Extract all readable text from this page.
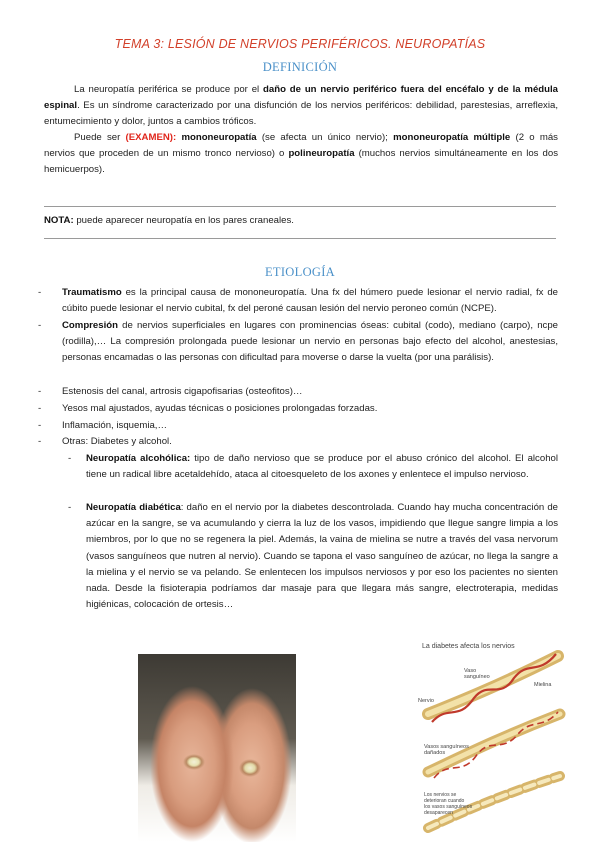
TEMA 3: LESIÓN DE NERVIOS PERIFÉRICOS. NEUROPATÍAS
DEFINICIÓN

La neuropatía periférica se produce por el daño de un nervio periférico fuera del encéfalo y de la médula espinal. Es un síndrome caracterizado por una disfunción de los nervios periféricos: debilidad, parestesias, arreflexia, entumecimiento y dolor, juntos a cambios tróficos.

Puede ser (EXAMEN): mononeuropatía (se afecta un único nervio); mononeuropatía múltiple (2 o más nervios que proceden de un mismo tronco nervioso) o polineuropatía (muchos nervios simultáneamente en los dos hemicuerpos).

NOTA: puede aparecer neuropatía en los pares craneales.

ETIOLOGÍA

- Traumatismo es la principal causa de mononeuropatía. Una fx del húmero puede lesionar el nervio radial, fx de cúbito puede lesionar el nervio cubital, fx del peroné causan lesión del nervio peroneo común (NCPE).

- Compresión de nervios superficiales en lugares con prominencias óseas: cubital (codo), mediano (carpo), ncpe (rodilla),… La compresión prolongada puede lesionar un nervio en personas bajo efecto del alcohol, anestesias, personas encamadas o las personas con dificultad para moverse o darse la vuelta (por una parálisis).

- Estenosis del canal, artrosis cigapofisarias (osteofitos)…

- Yesos mal ajustados, ayudas técnicas o posiciones prolongadas forzadas.

- Inflamación, isquemia,…

- Otras: Diabetes y alcohol.

- Neuropatía alcohólica: tipo de daño nervioso que se produce por el abuso crónico del alcohol. El alcohol tiene un radical libre acetaldehído, ataca al citoesqueleto de los axones y enlentece el impulso nervioso.

- Neuropatía diabética: daño en el nervio por la diabetes descontrolada. Cuando hay mucha concentración de azúcar en la sangre, se va acumulando y cierra la luz de los vasos, impidiendo que llegue sangre limpia a los miembros, por lo que no se regenera la piel. Además, la vaina de mielina se nutre a través del vasa nervorum (vasos sanguíneos que nutren al nervio). Cuando se tapona el vaso sanguíneo de azúcar, no llega la sangre a la mielina y el nervio se va pelando. Se enlentecen los impulsos nerviosos y por eso los pacientes no sienten nada. Desde la fisioterapia podríamos dar masaje para que llegara más sangre, electroterapia, medidas higiénicas, colocación de ortesis…

La diabetes afecta los nervios
Vaso
sanguíneo
Nervio
Mielina
Vasos sanguíneos
dañados
Los nervios se
deterioran cuando
los vasos sanguíneos
desaparecen
